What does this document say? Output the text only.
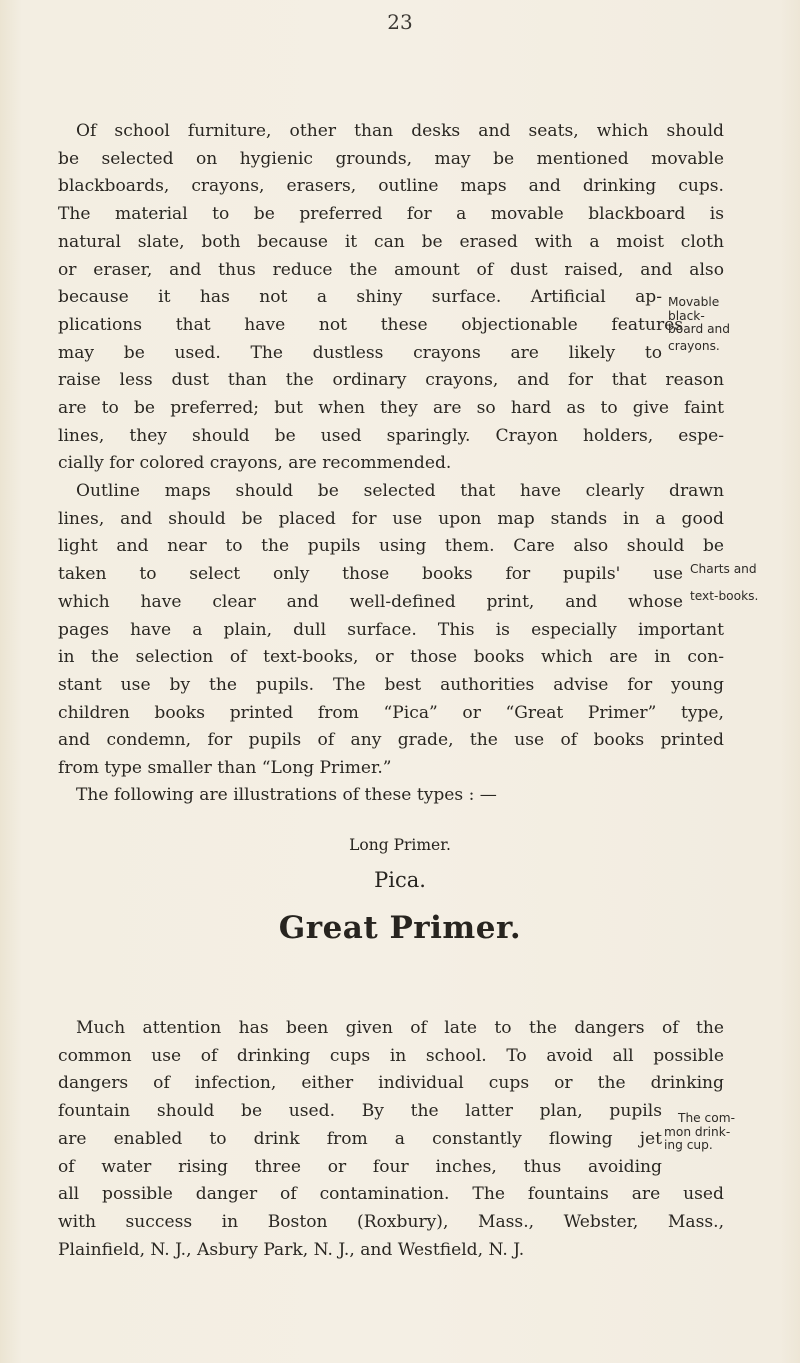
23
Of school furniture, other than desks and seats, which should
be selected on hygienic grounds, may be mentioned movable
blackboards, crayons, erasers, outline maps and drinking cups.
The material to be preferred for a movable blackboard is
natural slate, both because it can be erased with a moist cloth
or eraser, and thus reduce the amount of dust raised, and also
because it has not a shiny surface. Artificial ap-
plications that have not these objectionable features
may be used. The dustless crayons are likely to
raise less dust than the ordinary crayons, and for that reason
are to be preferred; but when they are so hard as to give faint
lines, they should be used sparingly. Crayon holders, espe-
cially for colored crayons, are recommended.
Outline maps should be selected that have clearly drawn
lines, and should be placed for use upon map stands in a good
light and near to the pupils using them. Care also should be
taken to select only those books for pupils' use
which have clear and well-defined print, and whose
pages have a plain, dull surface. This is especially important
in the selection of text-books, or those books which are in con-
stant use by the pupils. The best authorities advise for young
children books printed from “Pica” or “Great Primer” type,
and condemn, for pupils of any grade, the use of books printed
from type smaller than “Long Primer.”
The following are illustrations of these types : —
Long Primer.
Pica.
Great Primer.
Much attention has been given of late to the dangers of the
common use of drinking cups in school. To avoid all possible
dangers of infection, either individual cups or the drinking
fountain should be used. By the latter plan, pupils
are enabled to drink from a constantly flowing jet
of water rising three or four inches, thus avoiding
all possible danger of contamination. The fountains are used
with success in Boston (Roxbury), Mass., Webster, Mass.,
Plainfield, N. J., Asbury Park, N. J., and Westfield, N. J.
Movable
black-
board and
crayons.
Charts and
text-books.
The com-
mon drink-
ing cup.
